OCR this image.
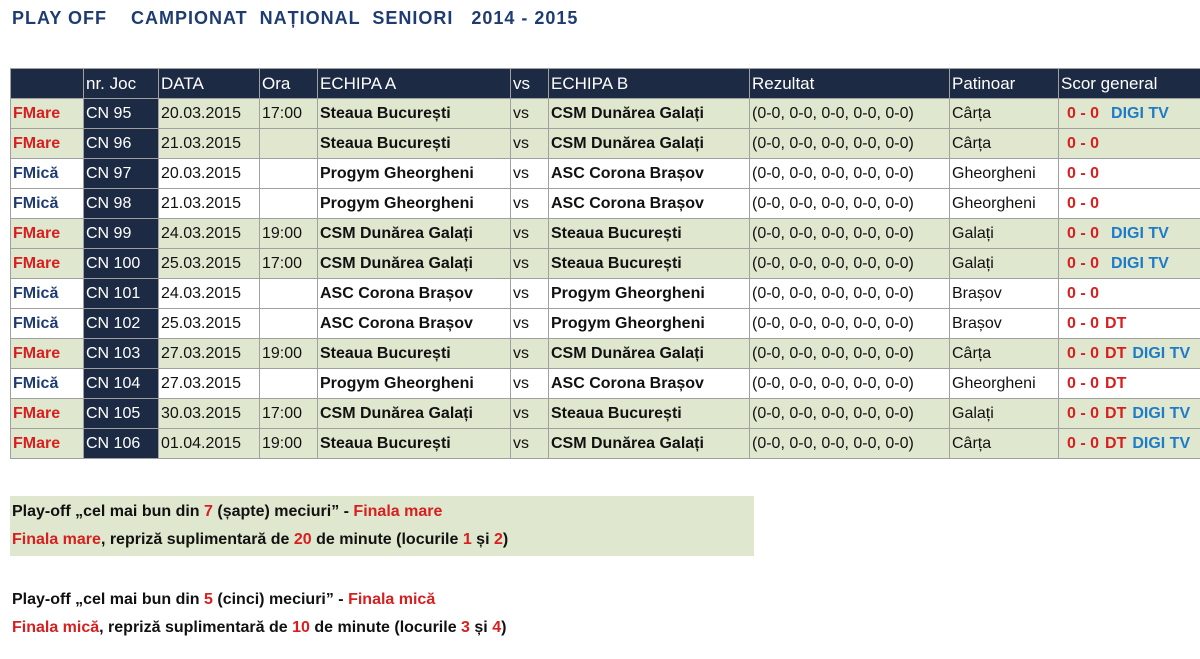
PLAY OFF    CAMPIONAT  NAȚIONAL  SENIORI   2014 - 2015
	nr. Joc	DATA	Ora	ECHIPA A	vs	ECHIPA B	Rezultat	Patinoar	Scor general
FMare	CN 95	20.03.2015	17:00	Steaua București	vs	CSM Dunărea Galați	(0-0, 0-0, 0-0, 0-0, 0-0)	Cârța	0 - 0 DIGI TV
FMare	CN 96	21.03.2015		Steaua București	vs	CSM Dunărea Galați	(0-0, 0-0, 0-0, 0-0, 0-0)	Cârța	0 - 0
FMică	CN 97	20.03.2015		Progym Gheorgheni	vs	ASC Corona Brașov	(0-0, 0-0, 0-0, 0-0, 0-0)	Gheorgheni	0 - 0
FMică	CN 98	21.03.2015		Progym Gheorgheni	vs	ASC Corona Brașov	(0-0, 0-0, 0-0, 0-0, 0-0)	Gheorgheni	0 - 0
FMare	CN 99	24.03.2015	19:00	CSM Dunărea Galați	vs	Steaua București	(0-0, 0-0, 0-0, 0-0, 0-0)	Galați	0 - 0 DIGI TV
FMare	CN 100	25.03.2015	17:00	CSM Dunărea Galați	vs	Steaua București	(0-0, 0-0, 0-0, 0-0, 0-0)	Galați	0 - 0 DIGI TV
FMică	CN 101	24.03.2015		ASC Corona Brașov	vs	Progym Gheorgheni	(0-0, 0-0, 0-0, 0-0, 0-0)	Brașov	0 - 0
FMică	CN 102	25.03.2015		ASC Corona Brașov	vs	Progym Gheorgheni	(0-0, 0-0, 0-0, 0-0, 0-0)	Brașov	0 - 0 DT
FMare	CN 103	27.03.2015	19:00	Steaua București	vs	CSM Dunărea Galați	(0-0, 0-0, 0-0, 0-0, 0-0)	Cârța	0 - 0 DT DIGI TV
FMică	CN 104	27.03.2015		Progym Gheorgheni	vs	ASC Corona Brașov	(0-0, 0-0, 0-0, 0-0, 0-0)	Gheorgheni	0 - 0 DT
FMare	CN 105	30.03.2015	17:00	CSM Dunărea Galați	vs	Steaua București	(0-0, 0-0, 0-0, 0-0, 0-0)	Galați	0 - 0 DT DIGI TV
FMare	CN 106	01.04.2015	19:00	Steaua București	vs	CSM Dunărea Galați	(0-0, 0-0, 0-0, 0-0, 0-0)	Cârța	0 - 0 DT DIGI TV
Play-off „cel mai bun din 7 (șapte) meciuri” - Finala mare
Finala mare, repriză suplimentară de 20 de minute (locurile 1 și 2)
Play-off „cel mai bun din 5 (cinci) meciuri” - Finala mică
Finala mică, repriză suplimentară de 10 de minute (locurile 3 și 4)
